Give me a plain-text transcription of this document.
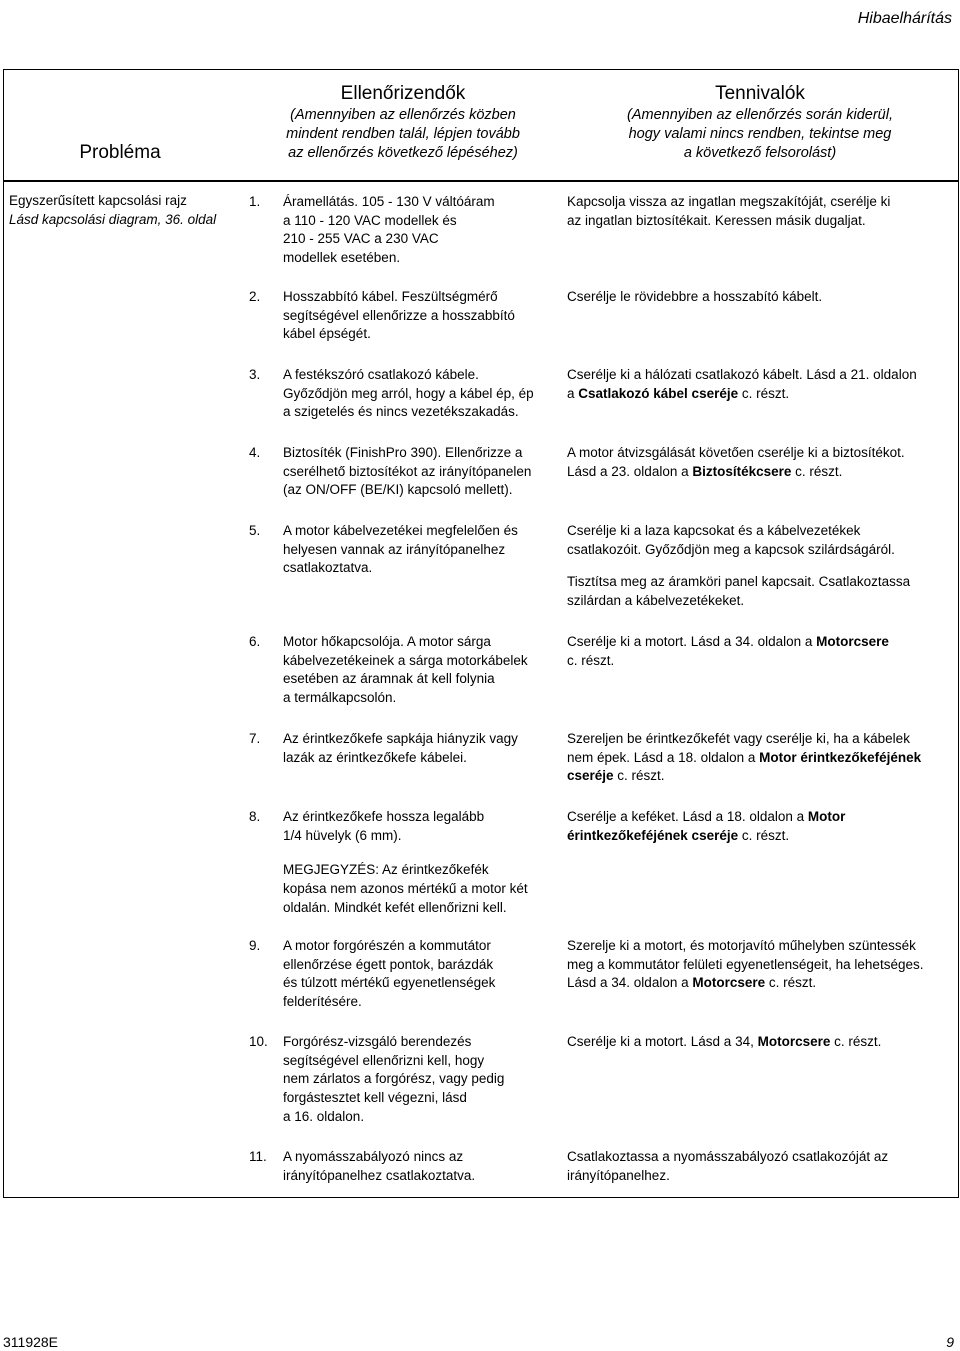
Hibaelhárítás
Probléma
Ellenőrizendők
(Amennyiben az ellenőrzés közben
mindent rendben talál, lépjen tovább
az ellenőrzés következő lépéséhez)
Tennivalók
(Amennyiben az ellenőrzés során kiderül,
hogy valami nincs rendben, tekintse meg
a következő felsorolást)
Egyszerűsített kapcsolási rajz
Lásd kapcsolási diagram, 36. oldal
1. Áramellátás. 105 - 130 V váltóáram
a 110 - 120 VAC modellek és
210 - 255 VAC a 230 VAC
modellek esetében.
Kapcsolja vissza az ingatlan megszakítóját, cserélje ki
az ingatlan biztosítékait. Keressen másik dugaljat.
2. Hosszabbító kábel. Feszültségmérő
segítségével ellenőrizze a hosszabbító
kábel épségét.
Cserélje le rövidebbre a hosszabító kábelt.
3. A festékszóró csatlakozó kábele.
Győződjön meg arról, hogy a kábel ép, ép
a szigetelés és nincs vezetékszakadás.
Cserélje ki a hálózati csatlakozó kábelt. Lásd a 21. oldalon
a Csatlakozó kábel cseréje c. részt.
4. Biztosíték (FinishPro 390). Ellenőrizze a
cserélhető biztosítékot az irányítópanelen
(az ON/OFF (BE/KI) kapcsoló mellett).
A motor átvizsgálását követően cserélje ki a biztosítékot.
Lásd a 23. oldalon a Biztosítékcsere c. részt.
5. A motor kábelvezetékei megfelelően és
helyesen vannak az irányítópanelhez
csatlakoztatva.
Cserélje ki a laza kapcsokat és a kábelvezetékek
csatlakozóit. Győződjön meg a kapcsok szilárdságáról.
Tisztítsa meg az áramköri panel kapcsait. Csatlakoztassa
szilárdan a kábelvezetékeket.
6. Motor hőkapcsolója. A motor sárga
kábelvezetékeinek a sárga motorkábelek
esetében az áramnak át kell folynia
a termálkapcsolón.
Cserélje ki a motort. Lásd a 34. oldalon a Motorcsere
c. részt.
7. Az érintkezőkefe sapkája hiányzik vagy
lazák az érintkezőkefe kábelei.
Szereljen be érintkezőkefét vagy cserélje ki, ha a kábelek
nem épek. Lásd a 18. oldalon a Motor érintkezőkeféjének
cseréje c. részt.
8. Az érintkezőkefe hossza legalább
1/4 hüvelyk (6 mm).
MEGJEGYZÉS: Az érintkezőkefék
kopása nem azonos mértékű a motor két
oldalán. Mindkét kefét ellenőrizni kell.
Cserélje a keféket. Lásd a 18. oldalon a Motor
érintkezőkeféjének cseréje c. részt.
9. A motor forgórészén a kommutátor
ellenőrzése égett pontok, barázdák
és túlzott mértékű egyenetlenségek
felderítésére.
Szerelje ki a motort, és motorjavító műhelyben szüntessék
meg a kommutátor felületi egyenetlenségeit, ha lehetséges.
Lásd a 34. oldalon a Motorcsere c. részt.
10. Forgórész-vizsgáló berendezés
segítségével ellenőrizni kell, hogy
nem zárlatos a forgórész, vagy pedig
forgástesztet kell végezni, lásd
a 16. oldalon.
Cserélje ki a motort. Lásd a 34, Motorcsere c. részt.
11. A nyomásszabályozó nincs az
irányítópanelhez csatlakoztatva.
Csatlakoztassa a nyomásszabályozó csatlakozóját az
irányítópanelhez.
311928E	9
